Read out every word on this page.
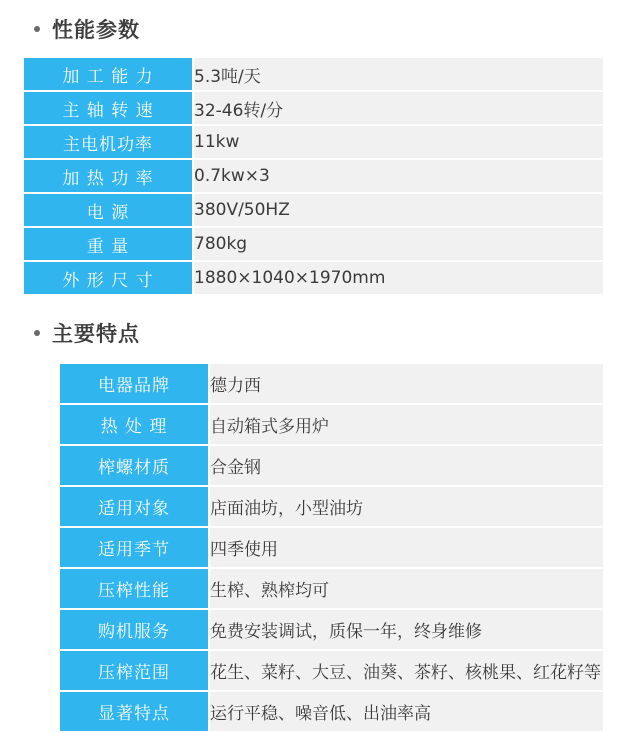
性能参数
加 工 能 力	5.3吨/天
主 轴 转 速	32-46转/分
主电机功率	11kw
加 热 功 率	0.7kw×3
电 源	380V/50HZ
重 量	780kg
外 形 尺 寸	1880×1040×1970mm
主要特点
	电器品牌	德力西
	热 处 理	自动箱式多用炉
	榨螺材质	合金钢
	适用对象	店面油坊，小型油坊
	适用季节	四季使用
	压榨性能	生榨、熟榨均可
	购机服务	免费安装调试，质保一年，终身维修
	压榨范围	花生、菜籽、大豆、油葵、茶籽、核桃果、红花籽等
	显著特点	运行平稳、噪音低、出油率高
